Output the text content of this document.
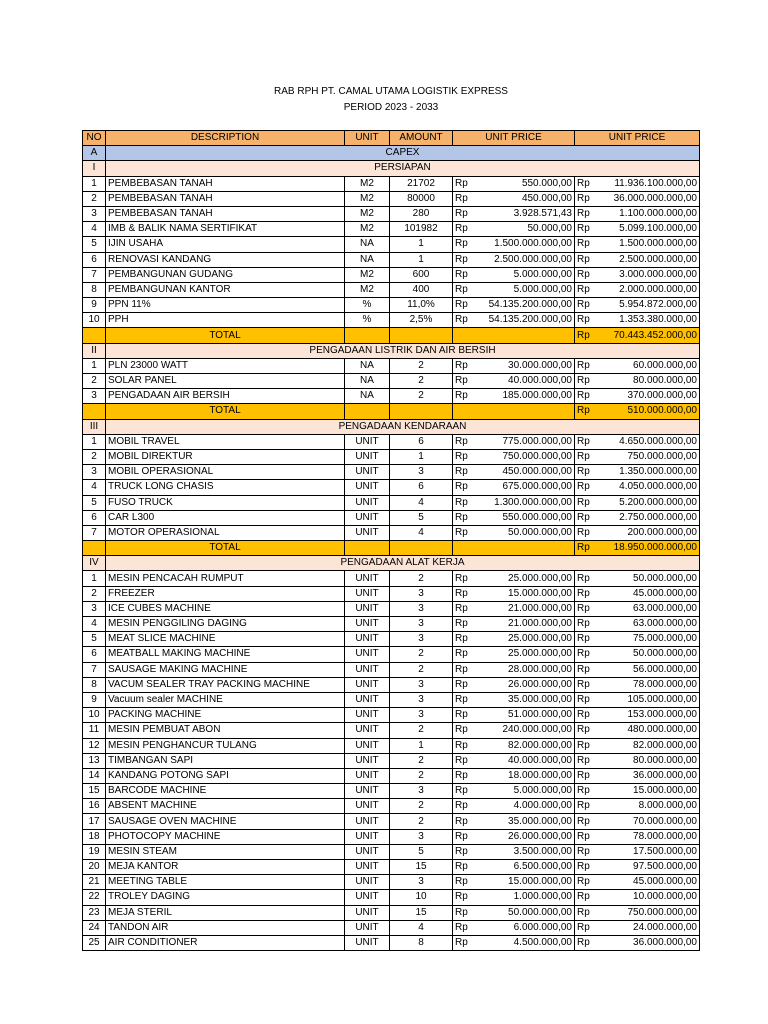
RAB RPH PT. CAMAL UTAMA LOGISTIK EXPRESS
PERIOD 2023 - 2033
NO	DESCRIPTION	UNIT	AMOUNT	UNIT PRICE		UNIT PRICE	
A	CAPEX						
I	PERSIAPAN						
1	PEMBEBASAN TANAH	M2	21702	Rp	550.000,00	Rp	11.936.100.000,00
2	PEMBEBASAN TANAH	M2	80000	Rp	450.000,00	Rp	36.000.000.000,00
3	PEMBEBASAN TANAH	M2	280	Rp	3.928.571,43	Rp	1.100.000.000,00
4	IMB & BALIK NAMA SERTIFIKAT	M2	101982	Rp	50.000,00	Rp	5.099.100.000,00
5	IJIN USAHA	NA	1	Rp	1.500.000.000,00	Rp	1.500.000.000,00
6	RENOVASI KANDANG	NA	1	Rp	2.500.000.000,00	Rp	2.500.000.000,00
7	PEMBANGUNAN GUDANG	M2	600	Rp	5.000.000,00	Rp	3.000.000.000,00
8	PEMBANGUNAN KANTOR	M2	400	Rp	5.000.000,00	Rp	2.000.000.000,00
9	PPN 11%	%	11,0%	Rp	54.135.200.000,00	Rp	5.954.872.000,00
10	PPH	%	2,5%	Rp	54.135.200.000,00	Rp	1.353.380.000,00
	TOTAL					Rp	70.443.452.000,00
II	PENGADAAN LISTRIK DAN AIR BERSIH						
1	PLN 23000 WATT	NA	2	Rp	30.000.000,00	Rp	60.000.000,00
2	SOLAR PANEL	NA	2	Rp	40.000.000,00	Rp	80.000.000,00
3	PENGADAAN AIR BERSIH	NA	2	Rp	185.000.000,00	Rp	370.000.000,00
	TOTAL					Rp	510.000.000,00
III	PENGADAAN KENDARAAN						
1	MOBIL TRAVEL	UNIT	6	Rp	775.000.000,00	Rp	4.650.000.000,00
2	MOBIL DIREKTUR	UNIT	1	Rp	750.000.000,00	Rp	750.000.000,00
3	MOBIL OPERASIONAL	UNIT	3	Rp	450.000.000,00	Rp	1.350.000.000,00
4	TRUCK LONG CHASIS	UNIT	6	Rp	675.000.000,00	Rp	4.050.000.000,00
5	FUSO TRUCK	UNIT	4	Rp	1.300.000.000,00	Rp	5.200.000.000,00
6	CAR L300	UNIT	5	Rp	550.000.000,00	Rp	2.750.000.000,00
7	MOTOR OPERASIONAL	UNIT	4	Rp	50.000.000,00	Rp	200.000.000,00
	TOTAL					Rp	18.950.000.000,00
IV	PENGADAAN ALAT KERJA						
1	MESIN PENCACAH RUMPUT	UNIT	2	Rp	25.000.000,00	Rp	50.000.000,00
2	FREEZER	UNIT	3	Rp	15.000.000,00	Rp	45.000.000,00
3	ICE CUBES MACHINE	UNIT	3	Rp	21.000.000,00	Rp	63.000.000,00
4	MESIN PENGGILING DAGING	UNIT	3	Rp	21.000.000,00	Rp	63.000.000,00
5	MEAT SLICE MACHINE	UNIT	3	Rp	25.000.000,00	Rp	75.000.000,00
6	MEATBALL MAKING MACHINE	UNIT	2	Rp	25.000.000,00	Rp	50.000.000,00
7	SAUSAGE MAKING MACHINE	UNIT	2	Rp	28.000.000,00	Rp	56.000.000,00
8	VACUM SEALER TRAY PACKING MACHINE	UNIT	3	Rp	26.000.000,00	Rp	78.000.000,00
9	Vacuum sealer MACHINE	UNIT	3	Rp	35.000.000,00	Rp	105.000.000,00
10	PACKING MACHINE	UNIT	3	Rp	51.000.000,00	Rp	153.000.000,00
11	MESIN PEMBUAT ABON	UNIT	2	Rp	240.000.000,00	Rp	480.000.000,00
12	MESIN PENGHANCUR TULANG	UNIT	1	Rp	82.000.000,00	Rp	82.000.000,00
13	TIMBANGAN SAPI	UNIT	2	Rp	40.000.000,00	Rp	80.000.000,00
14	KANDANG POTONG SAPI	UNIT	2	Rp	18.000.000,00	Rp	36.000.000,00
15	BARCODE MACHINE	UNIT	3	Rp	5.000.000,00	Rp	15.000.000,00
16	ABSENT MACHINE	UNIT	2	Rp	4.000.000,00	Rp	8.000.000,00
17	SAUSAGE OVEN MACHINE	UNIT	2	Rp	35.000.000,00	Rp	70.000.000,00
18	PHOTOCOPY MACHINE	UNIT	3	Rp	26.000.000,00	Rp	78.000.000,00
19	MESIN STEAM	UNIT	5	Rp	3.500.000,00	Rp	17.500.000,00
20	MEJA KANTOR	UNIT	15	Rp	6.500.000,00	Rp	97.500.000,00
21	MEETING TABLE	UNIT	3	Rp	15.000.000,00	Rp	45.000.000,00
22	TROLEY DAGING	UNIT	10	Rp	1.000.000,00	Rp	10.000.000,00
23	MEJA STERIL	UNIT	15	Rp	50.000.000,00	Rp	750.000.000,00
24	TANDON AIR	UNIT	4	Rp	6.000.000,00	Rp	24.000.000,00
25	AIR CONDITIONER	UNIT	8	Rp	4.500.000,00	Rp	36.000.000,00
